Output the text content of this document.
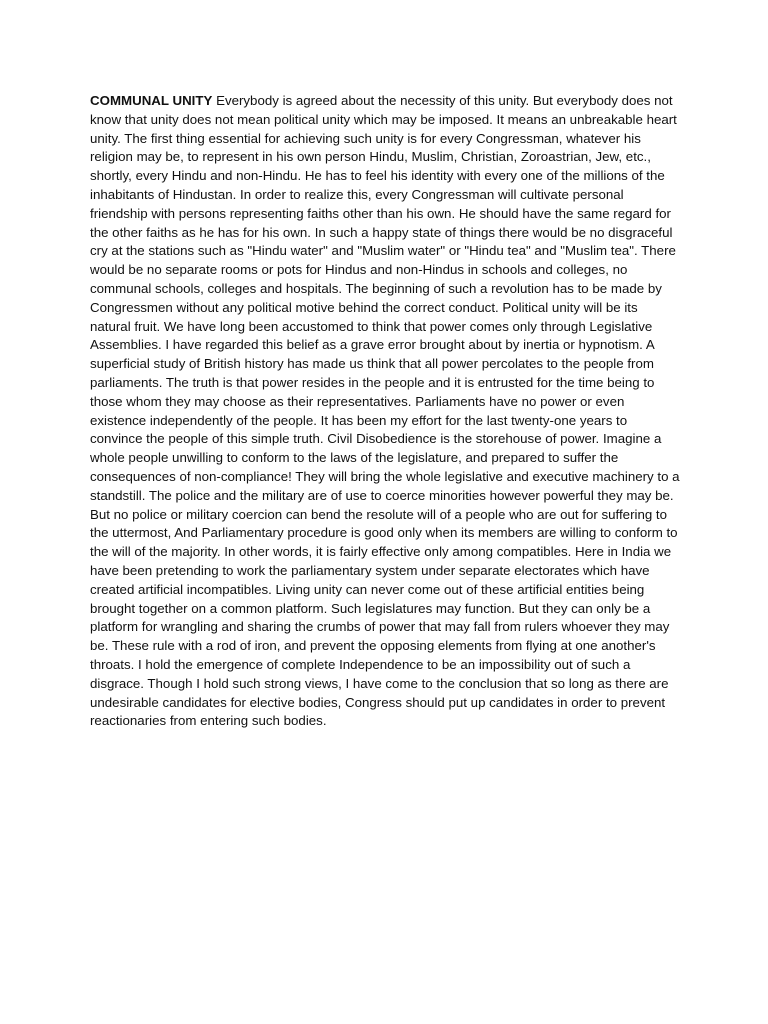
COMMUNAL UNITY Everybody is agreed about the necessity of this unity. But everybody does not know that unity does not mean political unity which may be imposed. It means an unbreakable heart unity. The first thing essential for achieving such unity is for every Congressman, whatever his religion may be, to represent in his own person Hindu, Muslim, Christian, Zoroastrian, Jew, etc., shortly, every Hindu and non-Hindu. He has to feel his identity with every one of the millions of the inhabitants of Hindustan. In order to realize this, every Congressman will cultivate personal friendship with persons representing faiths other than his own. He should have the same regard for the other faiths as he has for his own. In such a happy state of things there would be no disgraceful cry at the stations such as "Hindu water" and "Muslim water" or "Hindu tea" and "Muslim tea". There would be no separate rooms or pots for Hindus and non-Hindus in schools and colleges, no communal schools, colleges and hospitals. The beginning of such a revolution has to be made by Congressmen without any political motive behind the correct conduct. Political unity will be its natural fruit. We have long been accustomed to think that power comes only through Legislative Assemblies. I have regarded this belief as a grave error brought about by inertia or hypnotism. A superficial study of British history has made us think that all power percolates to the people from parliaments. The truth is that power resides in the people and it is entrusted for the time being to those whom they may choose as their representatives. Parliaments have no power or even existence independently of the people. It has been my effort for the last twenty-one years to convince the people of this simple truth. Civil Disobedience is the storehouse of power. Imagine a whole people unwilling to conform to the laws of the legislature, and prepared to suffer the consequences of non-compliance! They will bring the whole legislative and executive machinery to a standstill. The police and the military are of use to coerce minorities however powerful they may be. But no police or military coercion can bend the resolute will of a people who are out for suffering to the uttermost, And Parliamentary procedure is good only when its members are willing to conform to the will of the majority. In other words, it is fairly effective only among compatibles. Here in India we have been pretending to work the parliamentary system under separate electorates which have created artificial incompatibles. Living unity can never come out of these artificial entities being brought together on a common platform. Such legislatures may function. But they can only be a platform for wrangling and sharing the crumbs of power that may fall from rulers whoever they may be. These rule with a rod of iron, and prevent the opposing elements from flying at one another's throats. I hold the emergence of complete Independence to be an impossibility out of such a disgrace. Though I hold such strong views, I have come to the conclusion that so long as there are undesirable candidates for elective bodies, Congress should put up candidates in order to prevent reactionaries from entering such bodies.
